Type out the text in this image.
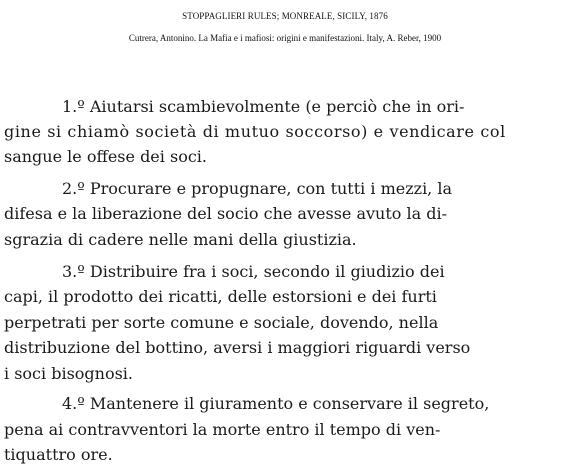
STOPPAGLIERI RULES; MONREALE, SICILY, 1876
Cutrera, Antonino. La Mafia e i mafiosi: origini e manifestazioni. Italy, A. Reber, 1900
1.º Aiutarsi scambievolmente (e perciò che in ori-
gine si chiamò società di mutuo soccorso) e vendicare col
sangue le offese dei soci.
2.º Procurare e propugnare, con tutti i mezzi, la
difesa e la liberazione del socio che avesse avuto la di-
sgrazia di cadere nelle mani della giustizia.
3.º Distribuire fra i soci, secondo il giudizio dei
capi, il prodotto dei ricatti, delle estorsioni e dei furti
perpetrati per sorte comune e sociale, dovendo, nella
distribuzione del bottino, aversi i maggiori riguardi verso
i soci bisognosi.
4.º Mantenere il giuramento e conservare il segreto,
pena ai contravventori la morte entro il tempo di ven-
tiquattro ore.
